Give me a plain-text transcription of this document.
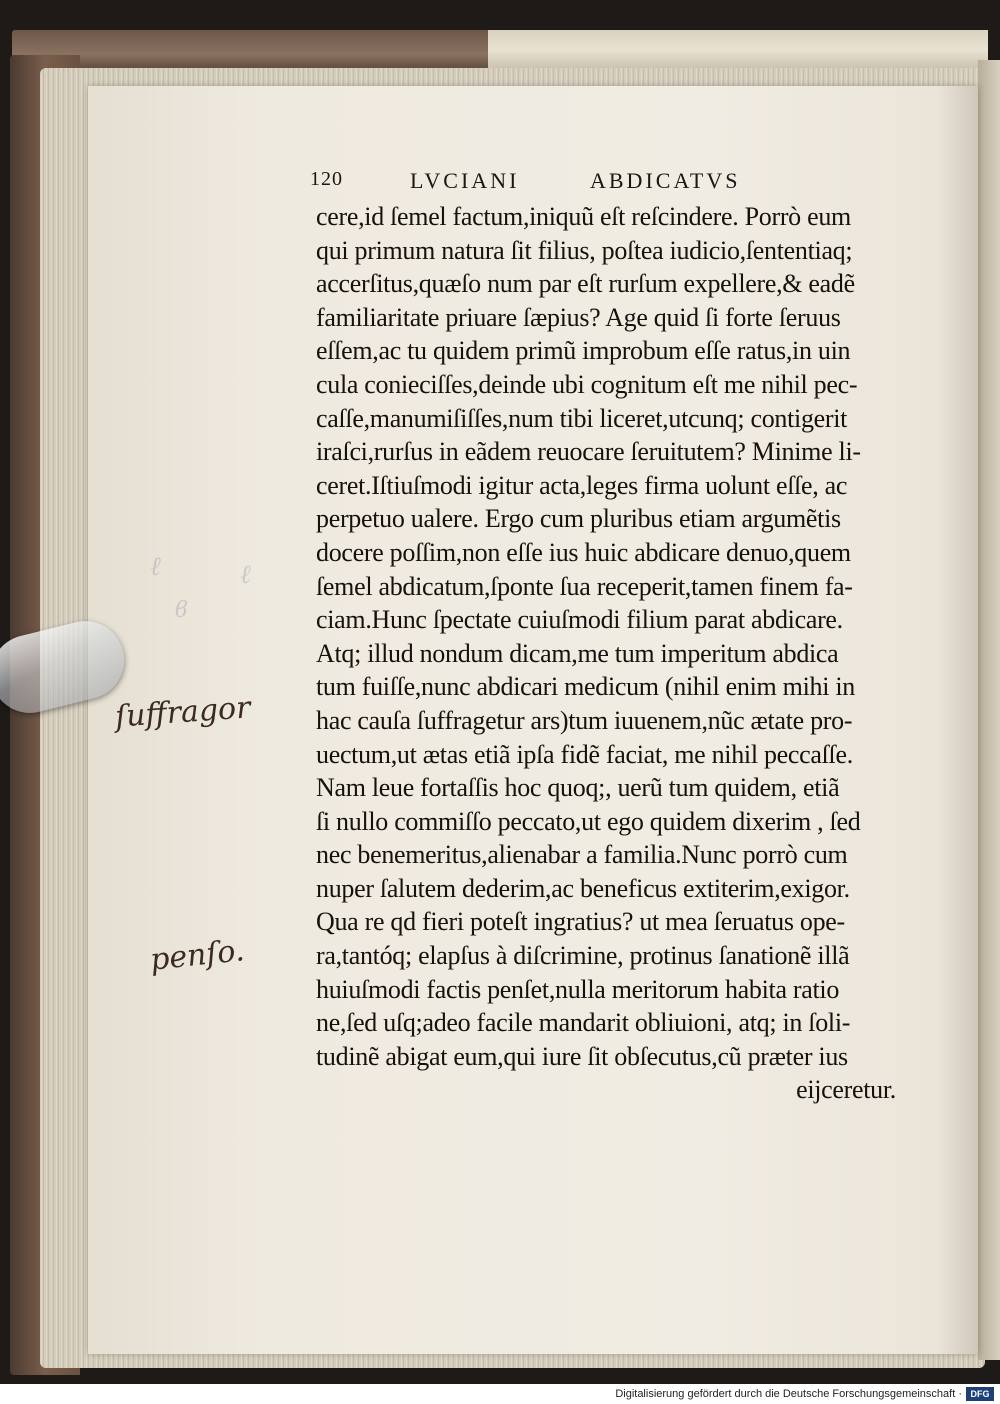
120	LVCIANI	ABDICATVS
cere,id ſemel factum,iniquũ eſt reſcindere. Porrò eum
qui primum natura ſit filius, poſtea iudicio,ſententiaq;
accerſitus,quæſo num par eſt rurſum expellere,& eadẽ
familiaritate priuare ſæpius? Age quid ſi forte ſeruus
eſſem,ac tu quidem primũ improbum eſſe ratus,in uin
cula conieciſſes,deinde ubi cognitum eſt me nihil pec-
caſſe,manumiſiſſes,num tibi liceret,utcunq; contigerit
iraſci,rurſus in eãdem reuocare ſeruitutem? Minime li-
ceret.Iſtiuſmodi igitur acta,leges firma uolunt eſſe, ac
perpetuo ualere. Ergo cum pluribus etiam argumẽtis
docere poſſim,non eſſe ius huic abdicare denuo,quem
ſemel abdicatum,ſponte ſua receperit,tamen finem fa-
ciam.Hunc ſpectate cuiuſmodi filium parat abdicare.
Atq; illud nondum dicam,me tum imperitum abdica
tum fuiſſe,nunc abdicari medicum (nihil enim mihi in
hac cauſa ſuffragetur ars)tum iuuenem,nũc ætate pro-
uectum,ut ætas etiã ipſa fidẽ faciat, me nihil peccaſſe.
Nam leue fortaſſis hoc quoq;, uerũ tum quidem, etiã
ſi nullo commiſſo peccato,ut ego quidem dixerim , ſed
nec benemeritus,alienabar a familia.Nunc porrò cum
nuper ſalutem dederim,ac beneficus extiterim,exigor.
Qua re qd fieri poteſt ingratius? ut mea ſeruatus ope-
ra,tantóq; elapſus à diſcrimine, protinus ſanationẽ illã
huiuſmodi factis penſet,nulla meritorum habita ratio
ne,ſed uſq;adeo facile mandarit obliuioni, atq; in ſoli-
tudinẽ abigat eum,qui iure ſit obſecutus,cũ præter ius
eijceretur.
ℓ	ℓ
ϐ
ſuffragor
penſo.
Digitalisierung gefördert durch die Deutsche Forschungsgemeinschaft · DFG
